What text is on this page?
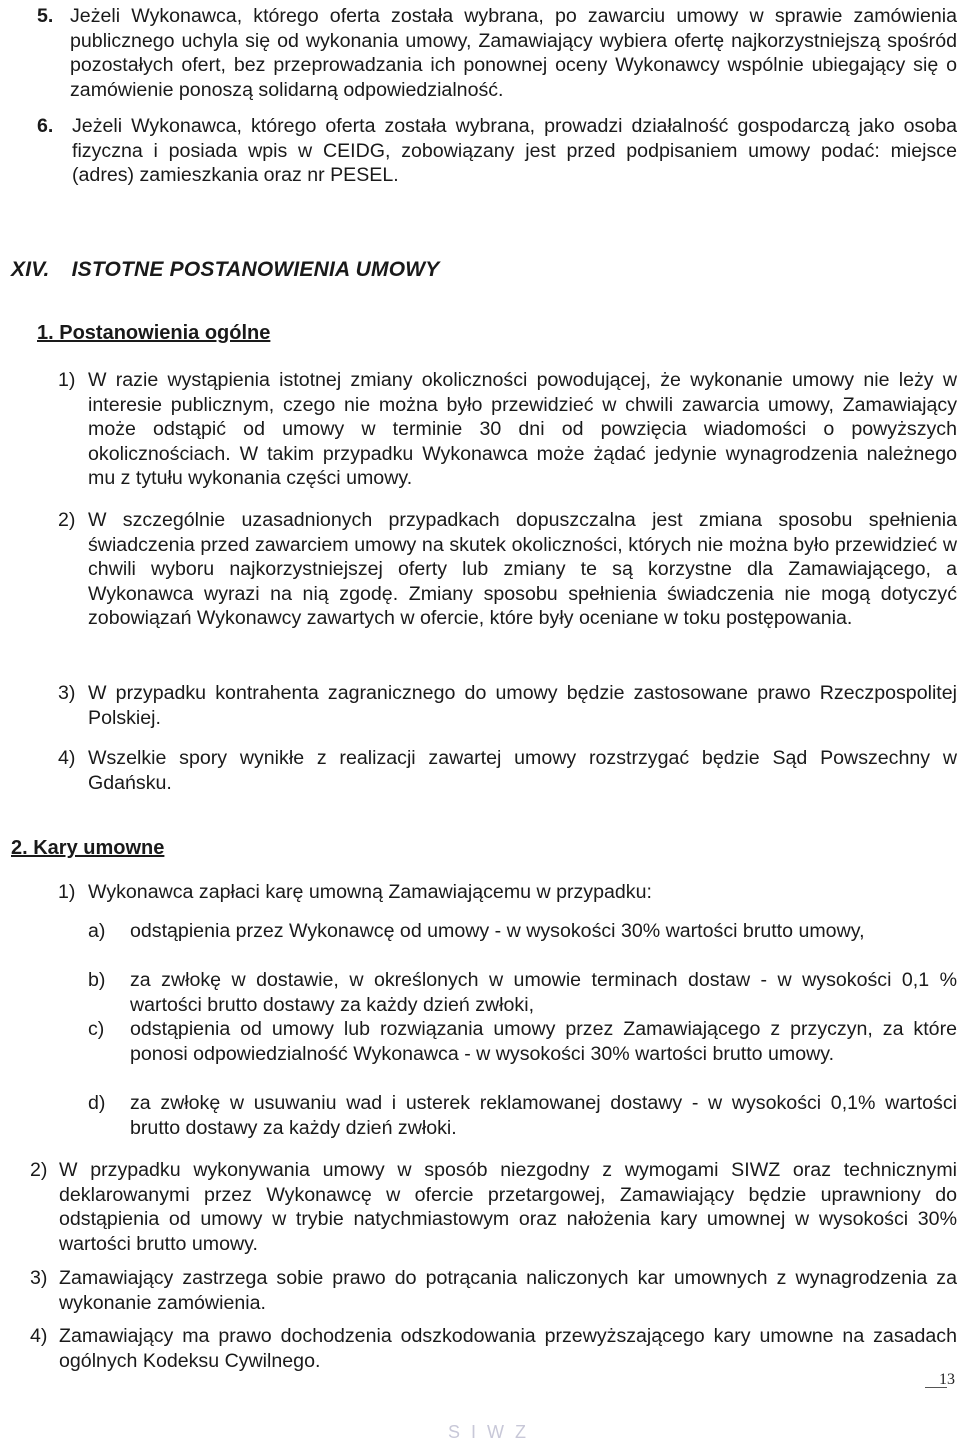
5. Jeżeli Wykonawca, którego oferta została wybrana, po zawarciu umowy w sprawie zamówienia publicznego uchyla się od wykonania umowy, Zamawiający wybiera ofertę najkorzystniejszą spośród pozostałych ofert, bez przeprowadzania ich ponownej oceny Wykonawcy wspólnie ubiegający się o zamówienie ponoszą solidarną odpowiedzialność.

6. Jeżeli Wykonawca, którego oferta została wybrana, prowadzi działalność gospodarczą jako osoba fizyczna i posiada wpis w CEIDG, zobowiązany jest przed podpisaniem umowy podać: miejsce (adres) zamieszkania oraz nr PESEL.

XIV. ISTOTNE POSTANOWIENIA UMOWY
1. Postanowienia ogólne
1) W razie wystąpienia istotnej zmiany okoliczności powodującej, że wykonanie umowy nie leży w interesie publicznym, czego nie można było przewidzieć w chwili zawarcia umowy, Zamawiający może odstąpić od umowy w terminie 30 dni od powzięcia wiadomości o powyższych okolicznościach. W takim przypadku Wykonawca może żądać jedynie wynagrodzenia należnego mu z tytułu wykonania części umowy.

2) W szczególnie uzasadnionych przypadkach dopuszczalna jest zmiana sposobu spełnienia świadczenia przed zawarciem umowy na skutek okoliczności, których nie można było przewidzieć w chwili wyboru najkorzystniejszej oferty lub zmiany te są korzystne dla Zamawiającego, a Wykonawca wyrazi na nią zgodę. Zmiany sposobu spełnienia świadczenia nie mogą dotyczyć zobowiązań Wykonawcy zawartych w ofercie, które były oceniane w toku postępowania.

3) W przypadku kontrahenta zagranicznego do umowy będzie zastosowane prawo Rzeczpospolitej Polskiej.

4) Wszelkie spory wynikłe z realizacji zawartej umowy rozstrzygać będzie Sąd Powszechny w Gdańsku.

2. Kary umowne
1) Wykonawca zapłaci karę umowną Zamawiającemu w przypadku:

a) odstąpienia przez Wykonawcę od umowy - w wysokości 30% wartości brutto umowy,

b) za zwłokę w dostawie, w określonych w umowie terminach dostaw - w wysokości 0,1 % wartości brutto dostawy za każdy dzień zwłoki,

c) odstąpienia od umowy lub rozwiązania umowy przez Zamawiającego z przyczyn, za które ponosi odpowiedzialność Wykonawca - w wysokości 30% wartości brutto umowy.

d) za zwłokę w usuwaniu wad i usterek reklamowanej dostawy - w wysokości 0,1% wartości brutto dostawy za każdy dzień zwłoki.

2) W przypadku wykonywania umowy w sposób niezgodny z wymogami SIWZ oraz technicznymi deklarowanymi przez Wykonawcę w ofercie przetargowej, Zamawiający będzie uprawniony do odstąpienia od umowy w trybie natychmiastowym oraz nałożenia kary umownej w wysokości 30% wartości brutto umowy.

3) Zamawiający zastrzega sobie prawo do potrącania naliczonych kar umownych z wynagrodzenia za wykonanie zamówienia.

4) Zamawiający ma prawo dochodzenia odszkodowania przewyższającego kary umowne na zasadach ogólnych Kodeksu Cywilnego.

13
S I W Z
